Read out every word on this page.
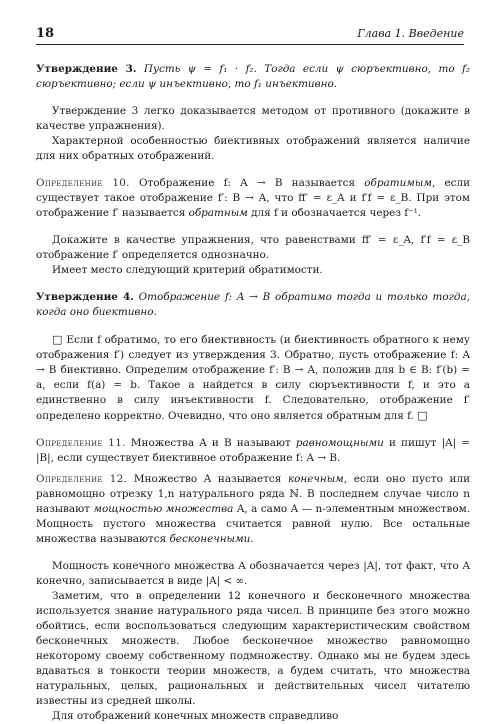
18	Глава 1. Введение

Утверждение 3. Пусть ψ = f₁ · f₂. Тогда если ψ сюръективно, то f₂ сюръективно; если ψ инъективно, то f₁ инъективно.

Утверждение 3 легко доказывается методом от противного (докажите в качестве упражнения).

Характерной особенностью биективных отображений является наличие для них обратных отображений.

Определение 10. Отображение f: A → B называется обратимым, если существует такое отображение f′: B → A, что ff′ = ε_A и f′f = ε_B. При этом отображение f′ называется обратным для f и обозначается через f⁻¹.

Докажите в качестве упражнения, что равенствами ff′ = ε_A, f′f = ε_B отображение f′ определяется однозначно.

Имеет место следующий критерий обратимости.

Утверждение 4. Отображение f: A → B обратимо тогда и только тогда, когда оно биективно.

□ Если f обратимо, то его биективность (и биективность обратного к нему отображения f′) следует из утверждения 3. Обратно, пусть отображение f: A → B биективно. Определим отображение f′: B → A, положив для b ∈ B: f′(b) = a, если f(a) = b. Такое a найдется в силу сюръективности f, и это a единственно в силу инъективности f. Следовательно, отображение f′ определено корректно. Очевидно, что оно является обратным для f. □

Определение 11. Множества A и B называют равномощными и пишут |A| = |B|, если существует биективное отображение f: A → B.

Определение 12. Множество A называется конечным, если оно пусто или равномощно отрезку 1,n натурального ряда ℕ. В последнем случае число n называют мощностью множества A, а само A — n-элементным множеством. Мощность пустого множества считается равной нулю. Все остальные множества называются бесконечными.

Мощность конечного множества A обозначается через |A|, тот факт, что A конечно, записывается в виде |A| < ∞.

Заметим, что в определении 12 конечного и бесконечного множества используется знание натурального ряда чисел. В принципе без этого можно обойтись, если воспользоваться следующим характеристическим свойством бесконечных множеств. Любое бесконечное множество равномощно некоторому своему собственному подмножеству. Однако мы не будем здесь вдаваться в тонкости теории множеств, а будем считать, что множества натуральных, целых, рациональных и действительных чисел читателю известны из средней школы.

Для отображений конечных множеств справедливо
